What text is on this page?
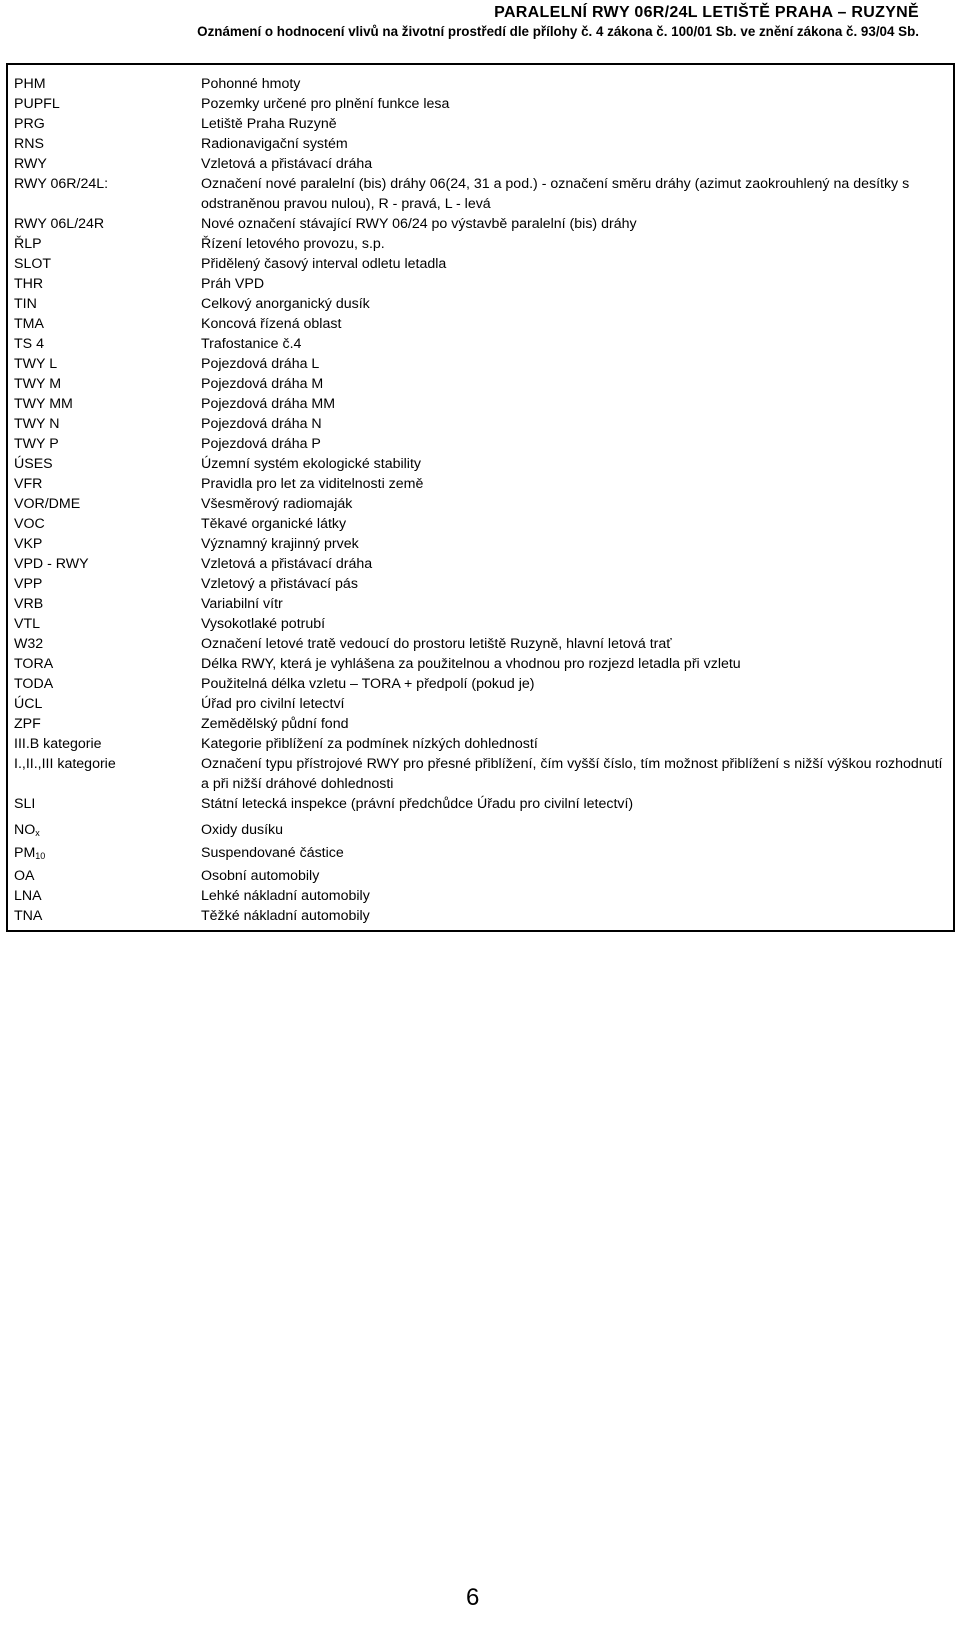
PARALELNÍ RWY 06R/24L LETIŠTĚ PRAHA – RUZYNĚ
Oznámení o hodnocení vlivů na životní prostředí dle přílohy č. 4 zákona č. 100/01 Sb. ve znění zákona č. 93/04 Sb.
PHM	Pohonné hmoty
PUPFL	Pozemky určené pro plnění funkce lesa
PRG	Letiště Praha Ruzyně
RNS	Radionavigační systém
RWY	Vzletová a přistávací dráha
RWY 06R/24L:	Označení nové paralelní (bis) dráhy 06(24, 31 a pod.) - označení směru dráhy (azimut zaokrouhlený na desítky s odstraněnou pravou nulou), R - pravá, L - levá
RWY 06L/24R	Nové označení stávající RWY 06/24 po výstavbě paralelní (bis) dráhy
ŘLP	Řízení letového provozu, s.p.
SLOT	Přidělený časový interval odletu letadla
THR	Práh VPD
TIN	Celkový anorganický dusík
TMA	Koncová řízená oblast
TS 4	Trafostanice č.4
TWY L	Pojezdová dráha L
TWY M	Pojezdová dráha M
TWY MM	Pojezdová dráha MM
TWY N	Pojezdová dráha N
TWY P	Pojezdová dráha P
ÚSES	Územní systém ekologické stability
VFR	Pravidla pro let za viditelnosti země
VOR/DME	Všesměrový radiomaják
VOC	Těkavé organické látky
VKP	Významný krajinný prvek
VPD - RWY	Vzletová a přistávací dráha
VPP	Vzletový a přistávací pás
VRB	Variabilní vítr
VTL	Vysokotlaké potrubí
W32	Označení letové tratě vedoucí do prostoru letiště Ruzyně, hlavní letová trať
TORA	Délka RWY, která je vyhlášena za použitelnou a vhodnou pro rozjezd letadla při vzletu
TODA	Použitelná délka vzletu – TORA + předpolí (pokud je)
ÚCL	Úřad pro civilní letectví
ZPF	Zemědělský půdní fond
III.B kategorie	Kategorie přiblížení za podmínek nízkých dohledností
I.,II.,III kategorie	Označení typu přístrojové RWY pro přesné přiblížení, čím vyšší číslo, tím možnost přiblížení s nižší výškou rozhodnutí a při nižší dráhové dohlednosti
SLI	Státní letecká inspekce (právní předchůdce Úřadu pro civilní letectví)
$NO_x$	Oxidy dusíku
$PM_{10}$	Suspendované částice
OA	Osobní automobily
LNA	Lehké nákladní automobily
TNA	Těžké nákladní automobily
6
